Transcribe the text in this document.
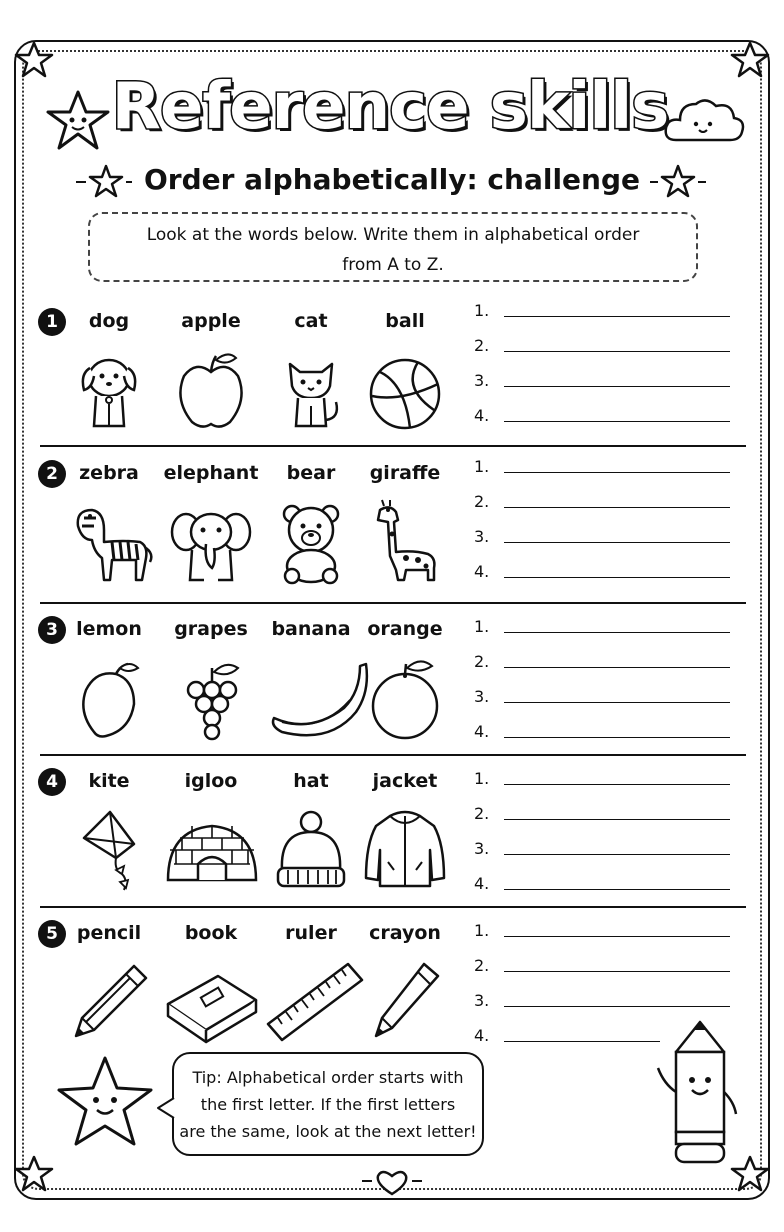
Reference skills
Order alphabetically: challenge
Look at the words below. Write them in alphabetical order
from A to Z.
1	dog	apple	cat	ball	1.
2.
3.
4.
2	zebra	elephant	bear	giraffe	1.
2.
3.
4.
3 lemon	grapes	banana orange	1.
2.
3.
4.
4	kite	igloo	hat	jacket	1.
2.
3.
4.
5 pencil	book	ruler	crayon	1.
2.
3.
4.
Tip: Alphabetical order starts with
the first letter. If the first letters
are the same, look at the next letter!
